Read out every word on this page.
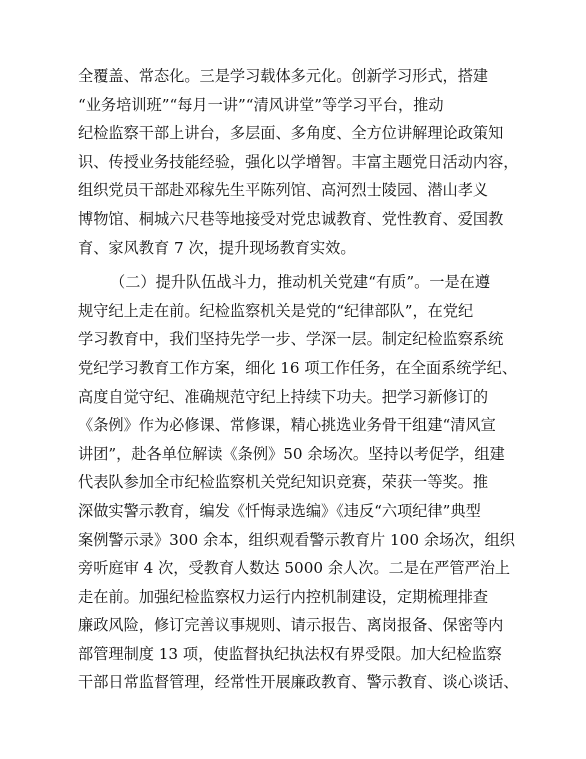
全覆盖、常态化。三是学习载体多元化。创新学习形式，搭建
“业务培训班”“每月一讲”“清风讲堂”等学习平台，推动
纪检监察干部上讲台，多层面、多角度、全方位讲解理论政策知
识、传授业务技能经验，强化以学增智。丰富主题党日活动内容，
组织党员干部赴邓稼先生平陈列馆、高河烈士陵园、潜山孝义
博物馆、桐城六尺巷等地接受对党忠诚教育、党性教育、爱国教
育、家风教育 7 次，提升现场教育实效。
（二）提升队伍战斗力，推动机关党建“有质”。一是在遵
规守纪上走在前。纪检监察机关是党的“纪律部队”，在党纪
学习教育中，我们坚持先学一步、学深一层。制定纪检监察系统
党纪学习教育工作方案，细化 16 项工作任务，在全面系统学纪、
高度自觉守纪、准确规范守纪上持续下功夫。把学习新修订的
《条例》作为必修课、常修课，精心挑选业务骨干组建“清风宣
讲团”，赴各单位解读《条例》50 余场次。坚持以考促学，组建
代表队参加全市纪检监察机关党纪知识竞赛，荣获一等奖。推
深做实警示教育，编发《忏悔录选编》《违反“六项纪律”典型
案例警示录》300 余本，组织观看警示教育片 100 余场次，组织
旁听庭审 4 次，受教育人数达 5000 余人次。二是在严管严治上
走在前。加强纪检监察权力运行内控机制建设，定期梳理排查
廉政风险，修订完善议事规则、请示报告、离岗报备、保密等内
部管理制度 13 项，使监督执纪执法权有界受限。加大纪检监察
干部日常监督管理，经常性开展廉政教育、警示教育、谈心谈话、
